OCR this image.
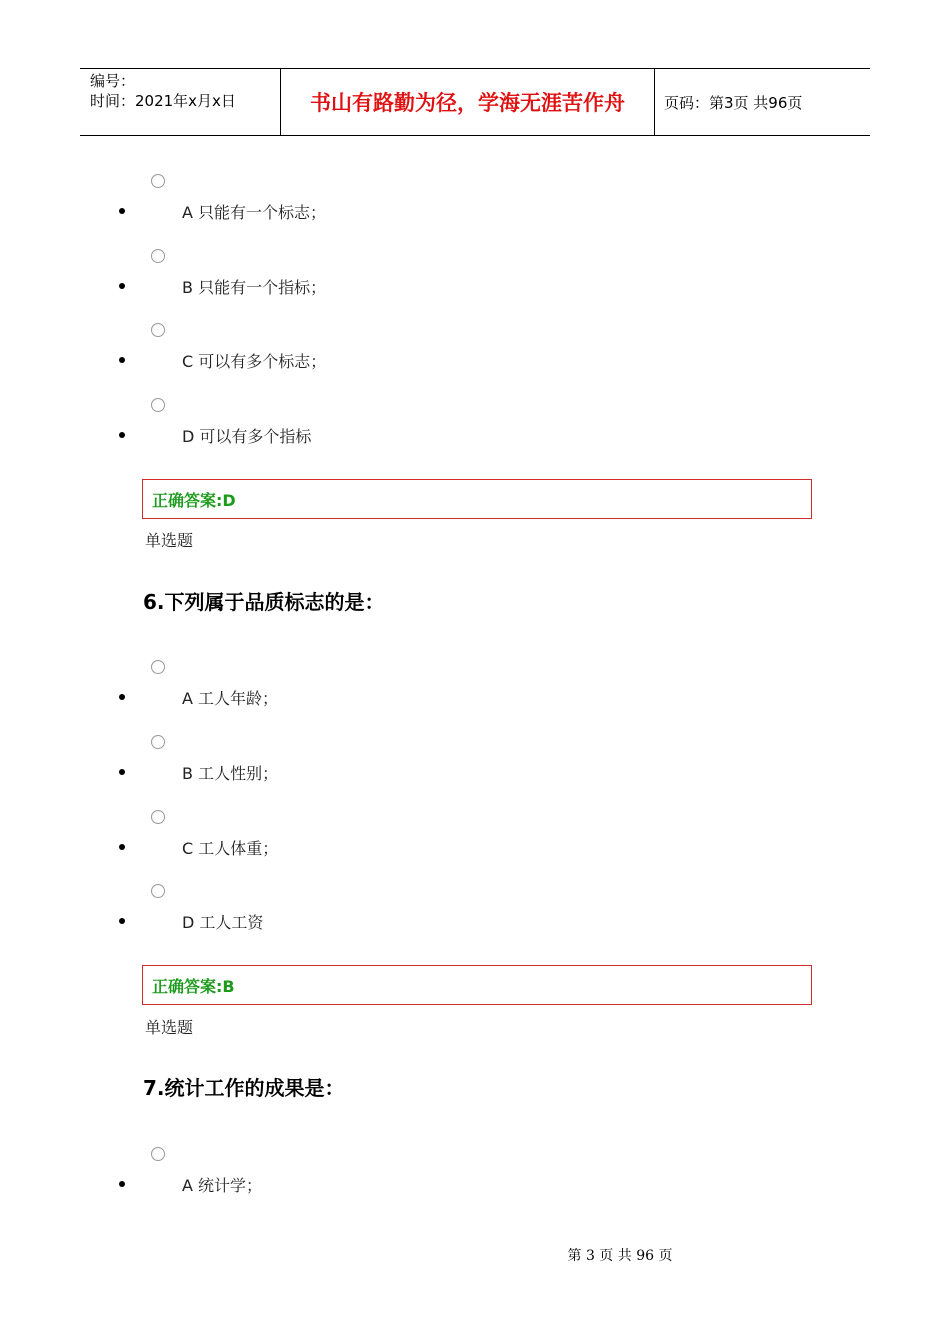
编号：
时间：2021年x月x日	书山有路勤为径，学海无涯苦作舟	页码：第3页 共96页
A 只能有一个标志；
B 只能有一个指标；
C 可以有多个标志；
D 可以有多个指标
正确答案:D
单选题
6.下列属于品质标志的是：
A 工人年龄；
B 工人性别；
C 工人体重；
D 工人工资
正确答案:B
单选题
7.统计工作的成果是：
A 统计学；
第 3 页 共 96 页
